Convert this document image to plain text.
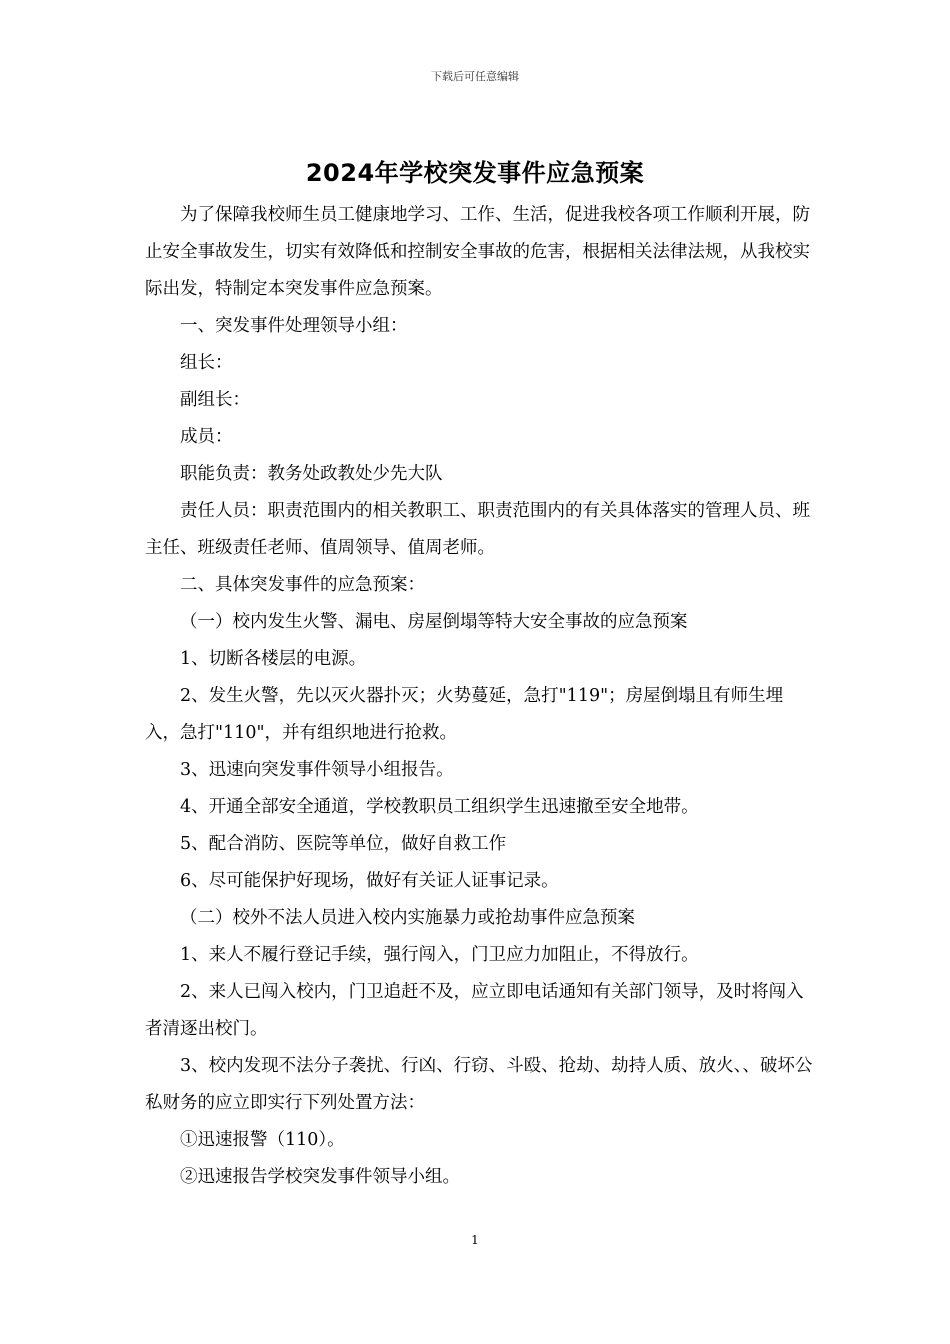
下载后可任意编辑
2024年学校突发事件应急预案

为了保障我校师生员工健康地学习、工作、生活，促进我校各项工作顺利开展，防止安全事故发生，切实有效降低和控制安全事故的危害，根据相关法律法规，从我校实际出发，特制定本突发事件应急预案。

一、突发事件处理领导小组：

组长：

副组长：

成员：

职能负责：教务处政教处少先大队

责任人员：职责范围内的相关教职工、职责范围内的有关具体落实的管理人员、班主任、班级责任老师、值周领导、值周老师。

二、具体突发事件的应急预案：

（一）校内发生火警、漏电、房屋倒塌等特大安全事故的应急预案

1、切断各楼层的电源。

2、发生火警，先以灭火器扑灭；火势蔓延，急打"119"；房屋倒塌且有师生埋入，急打"110"，并有组织地进行抢救。

3、迅速向突发事件领导小组报告。

4、开通全部安全通道，学校教职员工组织学生迅速撤至安全地带。

5、配合消防、医院等单位，做好自救工作

6、尽可能保护好现场，做好有关证人证事记录。

（二）校外不法人员进入校内实施暴力或抢劫事件应急预案

1、来人不履行登记手续，强行闯入，门卫应力加阻止，不得放行。

2、来人已闯入校内，门卫追赶不及，应立即电话通知有关部门领导，及时将闯入者清逐出校门。

3、校内发现不法分子袭扰、行凶、行窃、斗殴、抢劫、劫持人质、放火、、破坏公私财务的应立即实行下列处置方法：

①迅速报警（110）。

②迅速报告学校突发事件领导小组。

1
